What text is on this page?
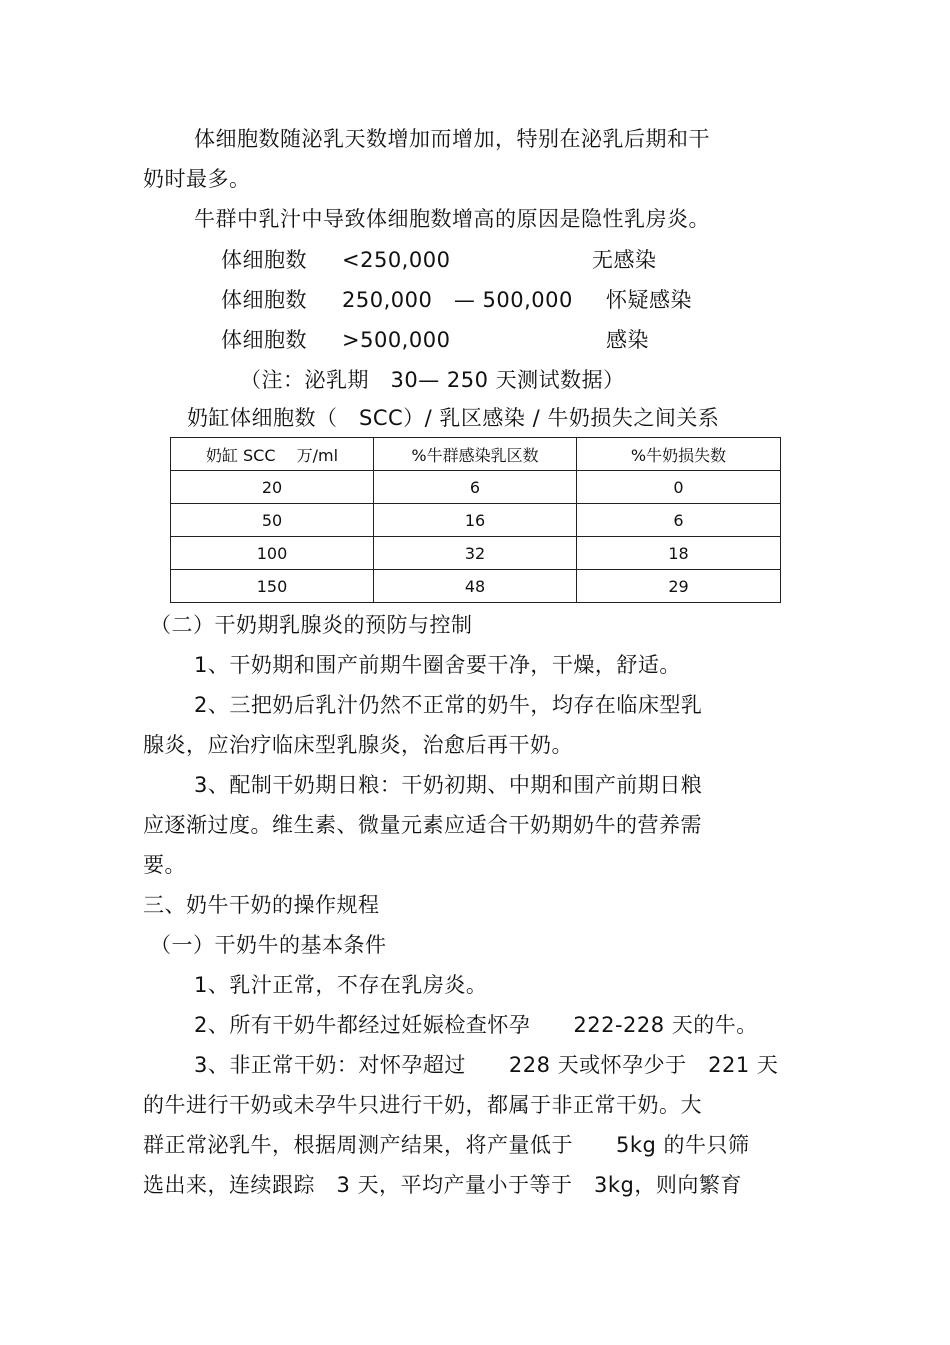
体细胞数随泌乳天数增加而增加，特别在泌乳后期和干
奶时最多。
牛群中乳汁中导致体细胞数增高的原因是隐性乳房炎。
体细胞数 <250,000	无感染
体细胞数 250,000　— 500,000 怀疑感染
体细胞数 >500,000	感染
（注：泌乳期　30— 250 天测试数据）
奶缸体细胞数（　SCC）/ 乳区感染 / 牛奶损失之间关系
奶缸 SCC　 万/ml	%牛群感染乳区数	%牛奶损失数
20	6	0
50	16	6
100	32	18
150	48	29
（二）干奶期乳腺炎的预防与控制
1、干奶期和围产前期牛圈舍要干净，干燥，舒适。
2、三把奶后乳汁仍然不正常的奶牛，均存在临床型乳
腺炎，应治疗临床型乳腺炎，治愈后再干奶。
3、配制干奶期日粮：干奶初期、中期和围产前期日粮
应逐渐过度。维生素、微量元素应适合干奶期奶牛的营养需
要。
三、奶牛干奶的操作规程
（一）干奶牛的基本条件
1、乳汁正常，不存在乳房炎。
2、所有干奶牛都经过妊娠检查怀孕　　222-228 天的牛。
3、非正常干奶：对怀孕超过　　228 天或怀孕少于　221 天
的牛进行干奶或未孕牛只进行干奶，都属于非正常干奶。大
群正常泌乳牛，根据周测产结果，将产量低于　　5kg 的牛只筛
选出来，连续跟踪　3 天，平均产量小于等于　3kg，则向繁育
